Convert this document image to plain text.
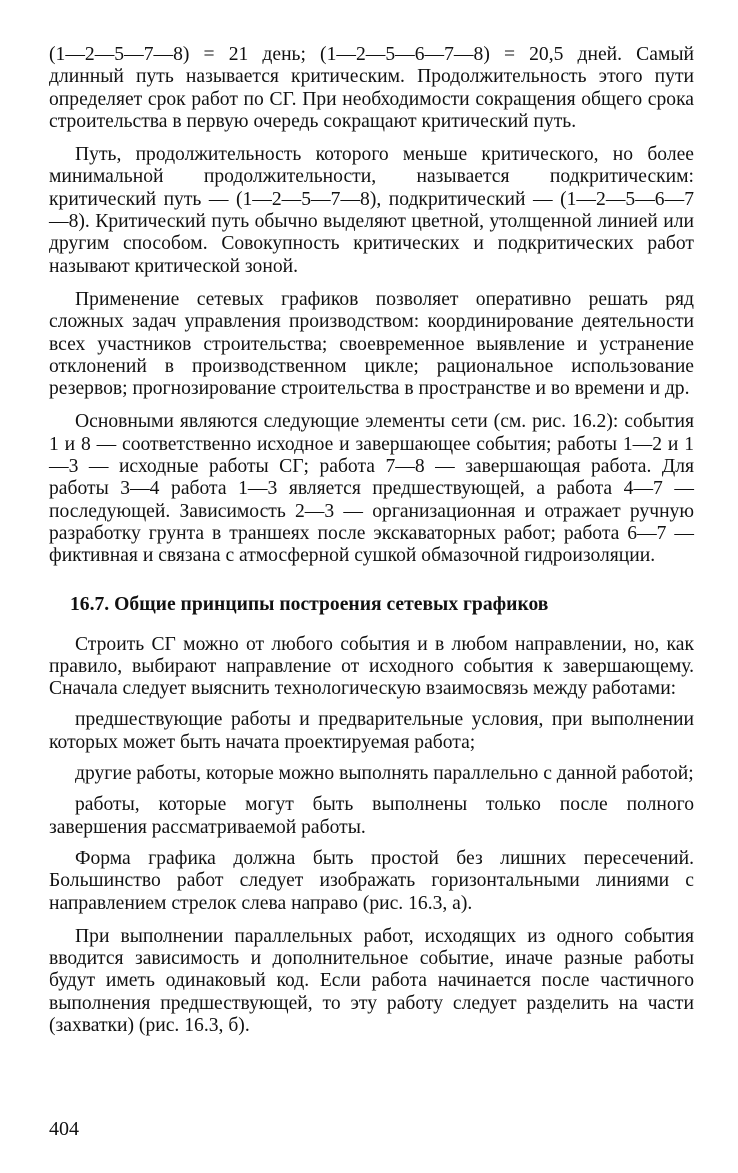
(1—2—5—7—8) = 21 день; (1—2—5—6—7—8) = 20,5 дней. Самый длинный путь называется критическим. Продолжительность этого пути определяет срок работ по СГ. При необходимости сокращения общего срока строительства в первую очередь сокращают критический путь.

Путь, продолжительность которого меньше критического, но более минимальной продолжительности, называется подкритическим: критический путь — (1—2—5—7—8), подкритический — (1—2—5—6—7—8). Критический путь обычно выделяют цветной, утолщенной линией или другим способом. Совокупность критических и подкритических работ называют критической зоной.

Применение сетевых графиков позволяет оперативно решать ряд сложных задач управления производством: координирование деятельности всех участников строительства; своевременное выявление и устранение отклонений в производственном цикле; рациональное использование резервов; прогнозирование строительства в пространстве и во времени и др.

Основными являются следующие элементы сети (см. рис. 16.2): события 1 и 8 — соответственно исходное и завершающее события; работы 1—2 и 1—3 — исходные работы СГ; работа 7—8 — завершающая работа. Для работы 3—4 работа 1—3 является предшествующей, а работа 4—7 — последующей. Зависимость 2—3 — организационная и отражает ручную разработку грунта в траншеях после экскаваторных работ; работа 6—7 — фиктивная и связана с атмосферной сушкой обмазочной гидроизоляции.

16.7. Общие принципы построения сетевых графиков

Строить СГ можно от любого события и в любом направлении, но, как правило, выбирают направление от исходного события к завершающему. Сначала следует выяснить технологическую взаимосвязь между работами:

предшествующие работы и предварительные условия, при выполнении которых может быть начата проектируемая работа;

другие работы, которые можно выполнять параллельно с данной работой;

работы, которые могут быть выполнены только после полного завершения рассматриваемой работы.

Форма графика должна быть простой без лишних пересечений. Большинство работ следует изображать горизонтальными линиями с направлением стрелок слева направо (рис. 16.3, а).

При выполнении параллельных работ, исходящих из одного события вводится зависимость и дополнительное событие, иначе разные работы будут иметь одинаковый код. Если работа начинается после частичного выполнения предшествующей, то эту работу следует разделить на части (захватки) (рис. 16.3, б).

404
